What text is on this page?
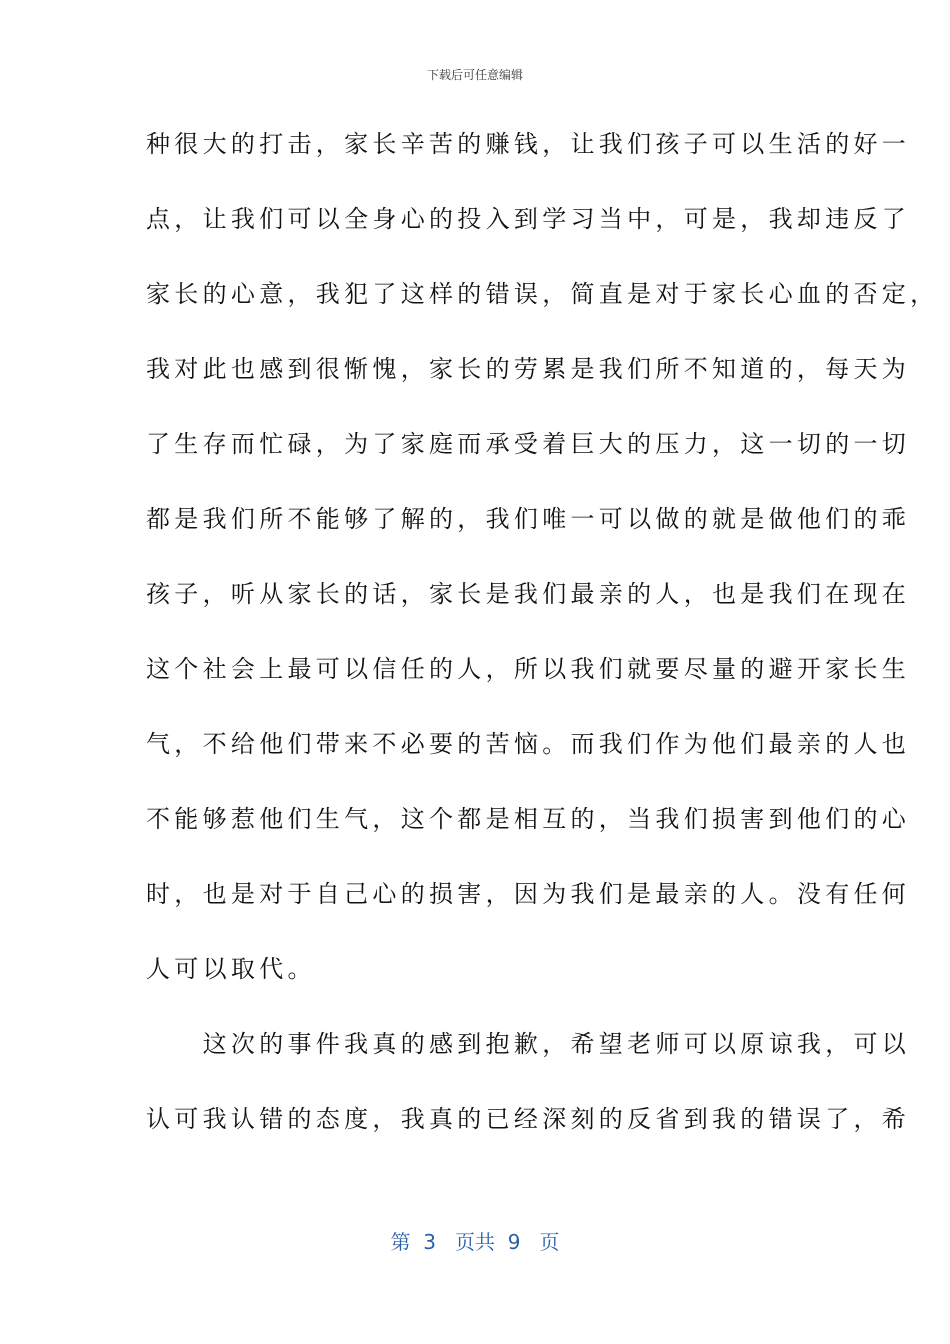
下载后可任意编辑
种很大的打击，家长辛苦的赚钱，让我们孩子可以生活的好一
点，让我们可以全身心的投入到学习当中，可是，我却违反了
家长的心意，我犯了这样的错误，简直是对于家长心血的否定，
我对此也感到很惭愧，家长的劳累是我们所不知道的，每天为
了生存而忙碌，为了家庭而承受着巨大的压力，这一切的一切
都是我们所不能够了解的，我们唯一可以做的就是做他们的乖
孩子，听从家长的话，家长是我们最亲的人，也是我们在现在
这个社会上最可以信任的人，所以我们就要尽量的避开家长生
气，不给他们带来不必要的苦恼。而我们作为他们最亲的人也
不能够惹他们生气，这个都是相互的，当我们损害到他们的心
时，也是对于自己心的损害，因为我们是最亲的人。没有任何
人可以取代。
　　这次的事件我真的感到抱歉，希望老师可以原谅我，可以
认可我认错的态度，我真的已经深刻的反省到我的错误了，希
第  3   页共  9   页
